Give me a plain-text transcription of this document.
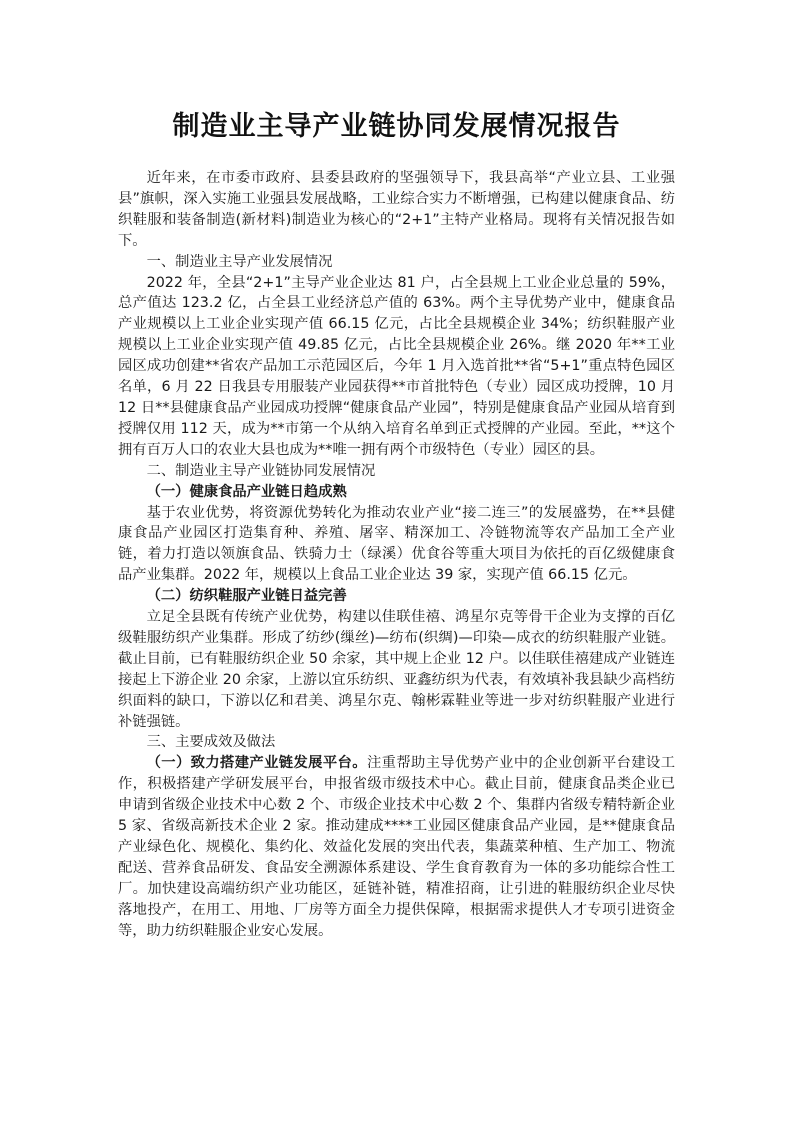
制造业主导产业链协同发展情况报告

近年来，在市委市政府、县委县政府的坚强领导下，我县高举“产业立县、工业强县”旗帜，深入实施工业强县发展战略，工业综合实力不断增强，已构建以健康食品、纺织鞋服和装备制造(新材料)制造业为核心的“2+1”主特产业格局。现将有关情况报告如下。

一、制造业主导产业发展情况

2022 年，全县“2+1”主导产业企业达 81 户，占全县规上工业企业总量的 59%，总产值达 123.2 亿，占全县工业经济总产值的 63%。两个主导优势产业中，健康食品产业规模以上工业企业实现产值 66.15 亿元，占比全县规模企业 34%；纺织鞋服产业规模以上工业企业实现产值 49.85 亿元，占比全县规模企业 26%。继 2020 年**工业园区成功创建**省农产品加工示范园区后，今年 1 月入选首批**省“5+1”重点特色园区名单，6 月 22 日我县专用服装产业园获得**市首批特色（专业）园区成功授牌，10 月 12 日**县健康食品产业园成功授牌“健康食品产业园”，特别是健康食品产业园从培育到授牌仅用 112 天，成为**市第一个从纳入培育名单到正式授牌的产业园。至此，**这个拥有百万人口的农业大县也成为**唯一拥有两个市级特色（专业）园区的县。

二、制造业主导产业链协同发展情况

（一）健康食品产业链日趋成熟

基于农业优势，将资源优势转化为推动农业产业“接二连三”的发展盛势，在**县健康食品产业园区打造集育种、养殖、屠宰、精深加工、冷链物流等农产品加工全产业链，着力打造以领旗食品、铁骑力士（绿溪）优食谷等重大项目为依托的百亿级健康食品产业集群。2022 年，规模以上食品工业企业达 39 家，实现产值 66.15 亿元。

（二）纺织鞋服产业链日益完善

立足全县既有传统产业优势，构建以佳联佳禧、鸿星尔克等骨干企业为支撑的百亿级鞋服纺织产业集群。形成了纺纱(缫丝)—纺布(织绸)—印染—成衣的纺织鞋服产业链。截止目前，已有鞋服纺织企业 50 余家，其中规上企业 12 户。以佳联佳禧建成产业链连接起上下游企业 20 余家，上游以宜乐纺织、亚鑫纺织为代表，有效填补我县缺少高档纺织面料的缺口，下游以亿和君美、鸿星尔克、翰彬霖鞋业等进一步对纺织鞋服产业进行补链强链。

三、主要成效及做法

（一）致力搭建产业链发展平台。注重帮助主导优势产业中的企业创新平台建设工作，积极搭建产学研发展平台，申报省级市级技术中心。截止目前，健康食品类企业已申请到省级企业技术中心数 2 个、市级企业技术中心数 2 个、集群内省级专精特新企业 5 家、省级高新技术企业 2 家。推动建成****工业园区健康食品产业园，是**健康食品产业绿色化、规模化、集约化、效益化发展的突出代表，集蔬菜种植、生产加工、物流配送、营养食品研发、食品安全溯源体系建设、学生食育教育为一体的多功能综合性工厂。加快建设高端纺织产业功能区，延链补链，精准招商，让引进的鞋服纺织企业尽快落地投产，在用工、用地、厂房等方面全力提供保障，根据需求提供人才专项引进资金等，助力纺织鞋服企业安心发展。
